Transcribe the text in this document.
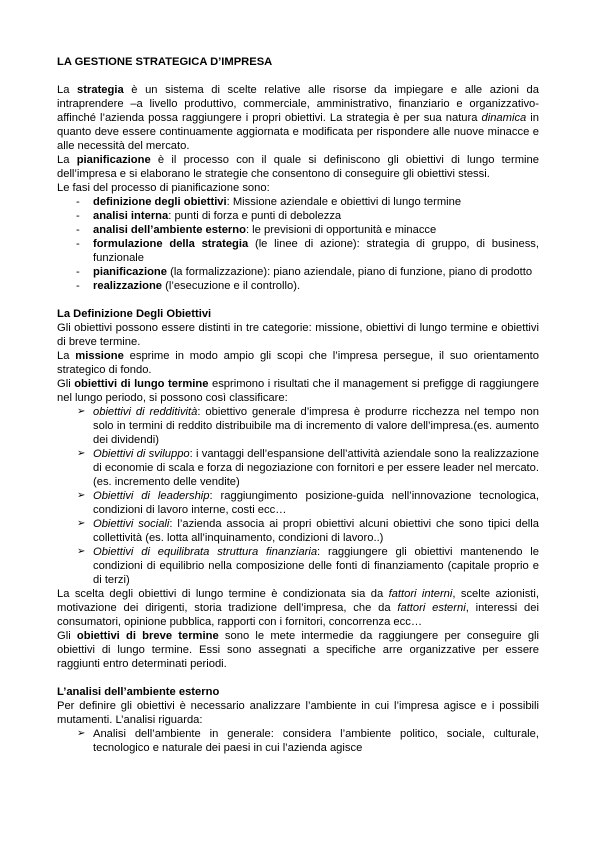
LA GESTIONE STRATEGICA D’IMPRESA

La strategia è un sistema di scelte relative alle risorse da impiegare e alle azioni da intraprendere –a livello produttivo, commerciale, amministrativo, finanziario e organizzativo- affinché l’azienda possa raggiungere i propri obiettivi. La strategia è per sua natura dinamica in quanto deve essere continuamente aggiornata e modificata per rispondere alle nuove minacce e alle necessità del mercato.

La pianificazione è il processo con il quale si definiscono gli obiettivi di lungo termine dell’impresa e si elaborano le strategie che consentono di conseguire gli obiettivi stessi.

Le fasi del processo di pianificazione sono:

- definizione degli obiettivi: Missione aziendale e obiettivi di lungo termine
- analisi interna: punti di forza e punti di debolezza
- analisi dell’ambiente esterno: le previsioni di opportunità e minacce
- formulazione della strategia (le linee di azione): strategia di gruppo, di business, funzionale
- pianificazione (la formalizzazione): piano aziendale, piano di funzione, piano di prodotto
- realizzazione (l’esecuzione e il controllo).
La Definizione Degli Obiettivi

Gli obiettivi possono essere distinti in tre categorie: missione, obiettivi di lungo termine e obiettivi di breve termine.

La missione esprime in modo ampio gli scopi che l’impresa persegue, il suo orientamento strategico di fondo.

Gli obiettivi di lungo termine esprimono i risultati che il management si prefigge di raggiungere nel lungo periodo, si possono così classificare:

➢ obiettivi di redditività: obiettivo generale d’impresa è produrre ricchezza nel tempo non solo in termini di reddito distribuibile ma di incremento di valore dell’impresa.(es. aumento dei dividendi)
➢ Obiettivi di sviluppo: i vantaggi dell’espansione dell’attività aziendale sono la realizzazione di economie di scala e forza di negoziazione con fornitori e per essere leader nel mercato. (es. incremento delle vendite)
➢ Obiettivi di leadership: raggiungimento posizione-guida nell’innovazione tecnologica, condizioni di lavoro interne, costi ecc…
➢ Obiettivi sociali: l’azienda associa ai propri obiettivi alcuni obiettivi che sono tipici della collettività (es. lotta all’inquinamento, condizioni di lavoro..)
➢ Obiettivi di equilibrata struttura finanziaria: raggiungere gli obiettivi mantenendo le condizioni di equilibrio nella composizione delle fonti di finanziamento (capitale proprio e di terzi)

La scelta degli obiettivi di lungo termine è condizionata sia da fattori interni, scelte azionisti, motivazione dei dirigenti, storia tradizione dell’impresa, che da fattori esterni, interessi dei consumatori, opinione pubblica, rapporti con i fornitori, concorrenza ecc…

Gli obiettivi di breve termine sono le mete intermedie da raggiungere per conseguire gli obiettivi di lungo termine. Essi sono assegnati a specifiche arre organizzative per essere raggiunti entro determinati periodi.

L’analisi dell’ambiente esterno

Per definire gli obiettivi è necessario analizzare l’ambiente in cui l’impresa agisce e i possibili mutamenti. L’analisi riguarda:

➢ Analisi dell’ambiente in generale: considera l’ambiente politico, sociale, culturale, tecnologico e naturale dei paesi in cui l’azienda agisce
